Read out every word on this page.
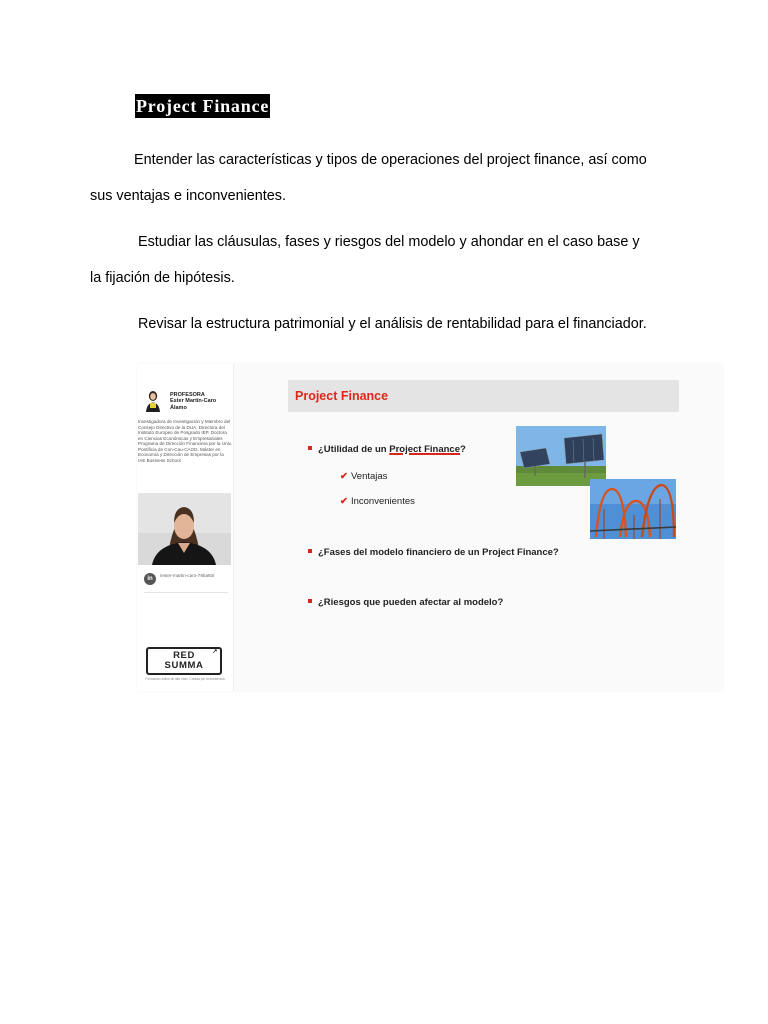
Project Finance

Entender las características y tipos de operaciones del project finance, así como
sus ventajas e inconvenientes.

Estudiar las cláusulas, fases y riesgos del modelo y ahondar en el caso base y
la fijación de hipótesis.

Revisar la estructura patrimonial y el análisis de rentabilidad para el financiador.

PROFESORA
Ester Martín-Caro Álamo

Investigadora de Investigación y Miembro del Consejo Directivo de la DUA. Directora del Instituto Europeo de Posgrado IEP. Doctora en Ciencias Económicas y Empresariales Programa de Dirección Financiera por la Univ. Pontificia de Con-Cau-CAGD. Máster en Economía y Dirección de Empresas por la IAE Business School

in
/ester-martin-caro-79ba93/
↗
RED
SUMMA
Formación online de alto nivel. Creada por la excelencia
Project Finance
¿Utilidad de un Project Finance?
✔ Ventajas
✔ Inconvenientes
¿Fases del modelo financiero de un Project Finance?
¿Riesgos que pueden afectar al modelo?
